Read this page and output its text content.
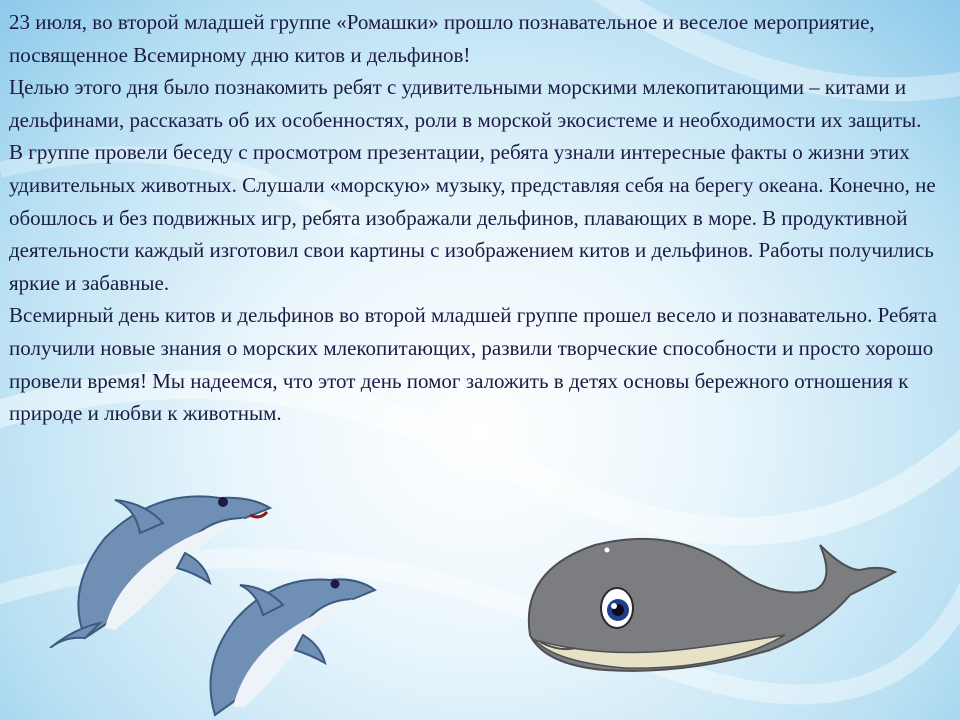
23 июля, во второй младшей группе «Ромашки» прошло познавательное и веселое мероприятие, посвященное Всемирному дню китов и дельфинов!

Целью этого дня было познакомить ребят с удивительными морскими млекопитающими – китами и дельфинами, рассказать об их особенностях, роли в морской экосистеме и необходимости их защиты.

В группе провели беседу с просмотром презентации, ребята узнали интересные факты о жизни этих удивительных животных. Слушали «морскую» музыку, представляя себя на берегу океана. Конечно, не обошлось и без подвижных игр, ребята изображали дельфинов, плавающих в море. В продуктивной деятельности каждый изготовил свои картины с изображением китов и дельфинов. Работы получились яркие и забавные.

Всемирный день китов и дельфинов во второй младшей группе прошел весело и познавательно. Ребята получили новые знания о морских млекопитающих, развили творческие способности и просто хорошо провели время! Мы надеемся, что этот день помог заложить в детях основы бережного отношения к природе и любви к животным.
